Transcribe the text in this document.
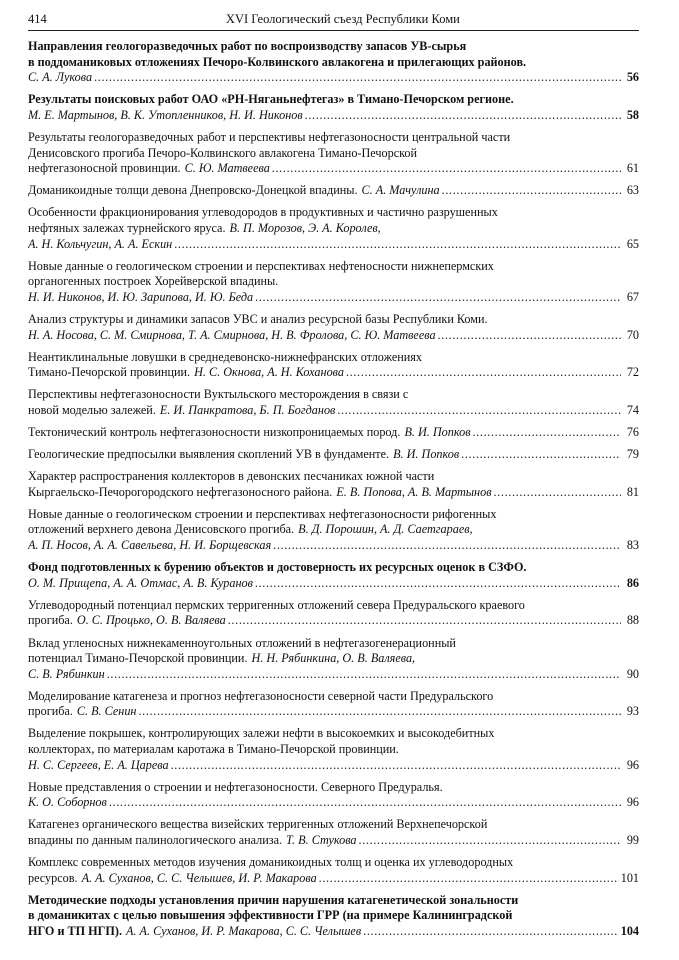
414	XVI Геологический съезд Республики Коми
Направления геологоразведочных работ по воспроизводству запасов УВ-сырья
в поддоманиковых отложениях Печоро-Колвинского авлакогена и прилегающих районов.
С. А. Лукова . . .	56
Результаты поисковых работ ОАО «РН-Няганьнефтегаз» в Тимано-Печорском регионе.
М. Е. Мартынов, В. К. Утопленников, Н. И. Никонов . . .	58
Результаты геологоразведочных работ и перспективы нефтегазоносности центральной части
Денисовского прогиба Печоро-Колвинского авлакогена Тимано-Печорской
нефтегазоносной провинции. С. Ю. Матвеева . . .	61
Доманикоидные толщи девона Днепровско-Донецкой впадины. С. А. Мачулина . . .	63
Особенности фракционирования углеводородов в продуктивных и частично разрушенных
нефтяных залежах турнейского яруса. В. П. Морозов, Э. А. Королев,
А. Н. Кольчугин, А. А. Ескин . . .	65
Новые данные о геологическом строении и перспективах нефтеносности нижнепермских
органогенных построек Хорейверской впадины.
Н. И. Никонов, И. Ю. Зарипова, И. Ю. Беда . . .	67
Анализ структуры и динамики запасов УВС и анализ ресурсной базы Республики Коми.
Н. А. Носова, С. М. Смирнова, Т. А. Смирнова, Н. В. Фролова, С. Ю. Матвеева . . .	70
Неантиклинальные ловушки в среднедевонско-нижнефранских отложениях
Тимано-Печорской провинции. Н. С. Окнова, А. Н. Коханова . . .	72
Перспективы нефтегазоносности Вуктыльского месторождения в связи с
новой моделью залежей. Е. И. Панкратова, Б. П. Богданов . . .	74
Тектонический контроль нефтегазоносности низкопроницаемых пород. В. И. Попков . . .	76
Геологические предпосылки выявления скоплений УВ в фундаменте. В. И. Попков . . .	79
Характер распространения коллекторов в девонских песчаниках южной части
Кыргаельско-Печорогородского нефтегазоносного района. Е. В. Попова, А. В. Мартынов . . .	81
Новые данные о геологическом строении и перспективах нефтегазоносности рифогенных
отложений верхнего девона Денисовского прогиба. В. Д. Порошин, А. Д. Саетгараев,
А. П. Носов, А. А. Савельева, Н. И. Борщевская . . .	83
Фонд подготовленных к бурению объектов и достоверность их ресурсных оценок в СЗФО.
О. М. Прищепа, А. А. Отмас, А. В. Куранов . . .	86
Углеводородный потенциал пермских терригенных отложений севера Предуральского краевого
прогиба. О. С. Процько, О. В. Валяева . . .	88
Вклад угленосных нижнекаменноугольных отложений в нефтегазогенерационный
потенциал Тимано-Печорской провинции. Н. Н. Рябинкина, О. В. Валяева,
С. В. Рябинкин . . .	90
Моделирование катагенеза и прогноз нефтегазоносности северной части Предуральского
прогиба. С. В. Сенин . . .	93
Выделение покрышек, контролирующих залежи нефти в высокоемких и высокодебитных
коллекторах, по материалам каротажа в Тимано-Печорской провинции.
Н. С. Сергеев, Е. А. Царева . . .	96
Новые представления о строении и нефтегазоносности. Северного Предуралья.
К. О. Соборнов . . .	96
Катагенез органического вещества визейских терригенных отложений Верхнепечорской
впадины по данным палинологического анализа. Т. В. Стукова . . .	99
Комплекс современных методов изучения доманикоидных толщ и оценка их углеводородных
ресурсов. А. А. Суханов, С. С. Челышев, И. Р. Макарова . . .	101
Методические подходы установления причин нарушения катагенетической зональности
в доманикитах с целью повышения эффективности ГРР (на примере Калининградской
НГО и ТП НГП). А. А. Суханов, И. Р. Макарова, С. С. Челышев . . .	104
